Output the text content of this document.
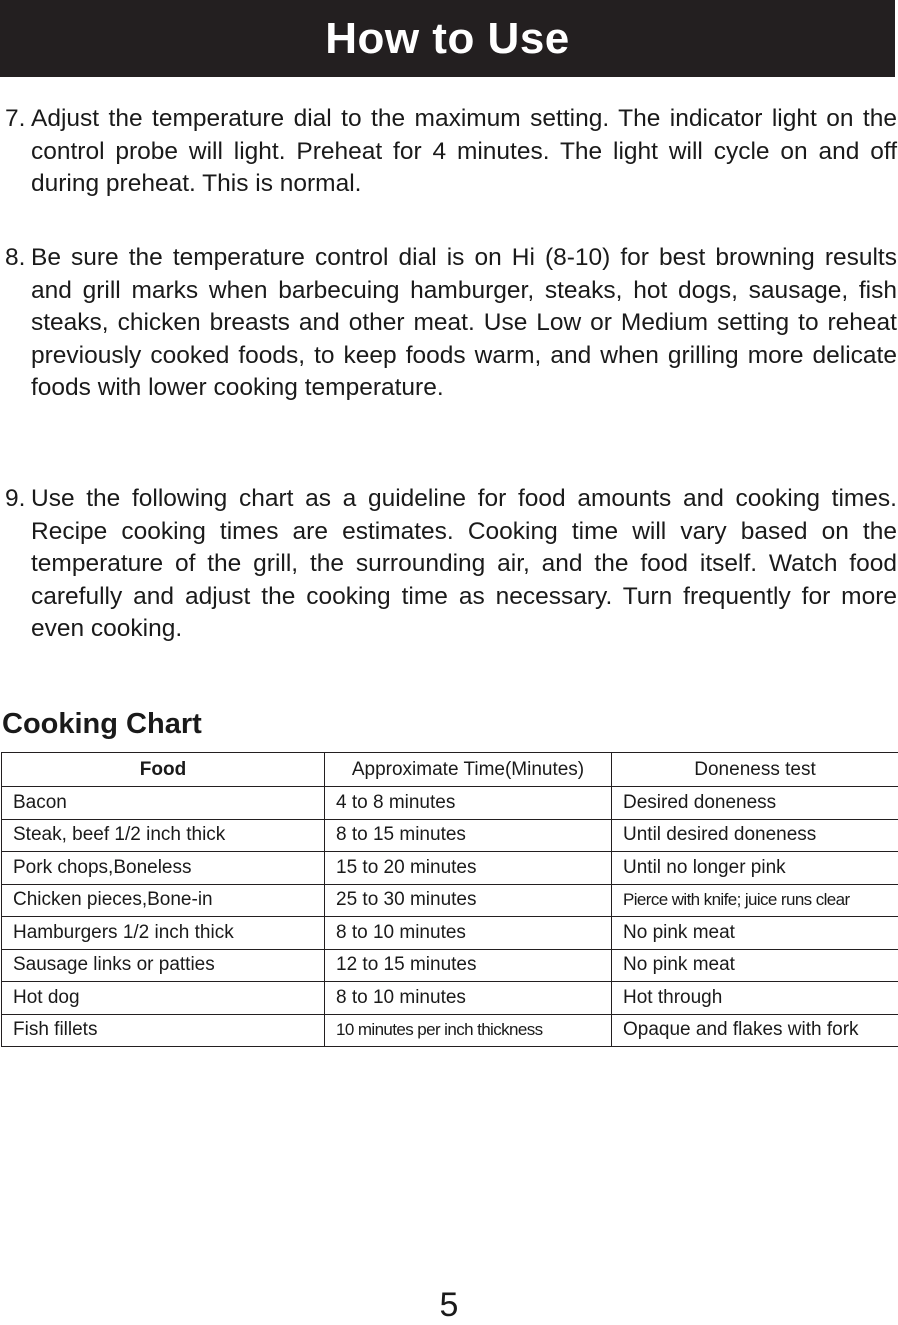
How to Use
7. Adjust the temperature dial to the maximum setting. The indicator light on the control probe will light. Preheat for 4 minutes. The light will cycle on and off during preheat. This is normal.
8. Be sure the temperature control dial is on Hi (8-10) for best browning results and grill marks when barbecuing hamburger, steaks, hot dogs, sausage, fish steaks, chicken breasts and other meat. Use Low or Medium setting to reheat previously cooked foods, to keep foods warm, and when grilling more delicate foods with lower cooking temperature.
9. Use the following chart as a guideline for food amounts and cooking times. Recipe cooking times are estimates. Cooking time will vary based on the temperature of the grill, the surrounding air, and the food itself. Watch food carefully and adjust the cooking time as necessary. Turn frequently for more even cooking.
Cooking Chart
Food	Approximate Time(Minutes)	Doneness test
Bacon	4 to 8 minutes	Desired doneness
Steak, beef 1/2 inch thick	8 to 15 minutes	Until desired doneness
Pork chops,Boneless	15 to 20 minutes	Until no longer pink
Chicken pieces,Bone-in	25 to 30 minutes	Pierce with knife; juice runs clear
Hamburgers 1/2 inch thick	8 to 10 minutes	No pink meat
Sausage links or patties	12 to 15 minutes	No pink meat
Hot dog	8 to 10 minutes	Hot through
Fish fillets	10 minutes per inch thickness	Opaque and flakes with fork
5
